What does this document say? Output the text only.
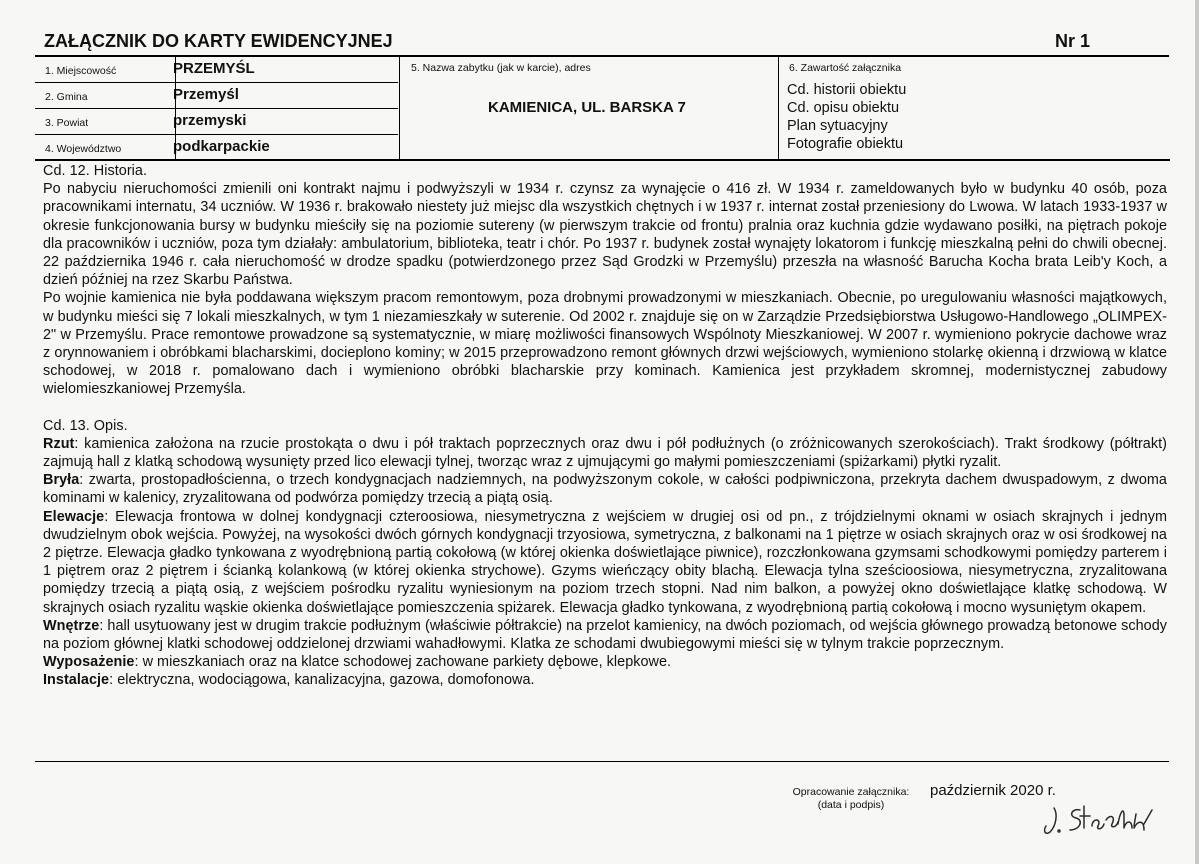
ZAŁĄCZNIK DO KARTY EWIDENCYJNEJ	Nr 1
1. Miejscowość	PRZEMYŚL
2. Gmina	Przemyśl
3. Powiat	przemyski
4. Województwo	podkarpackie
5. Nazwa zabytku (jak w karcie), adres
KAMIENICA, UL. BARSKA 7
6. Zawartość załącznika
Cd. historii obiektu
Cd. opisu obiektu
Plan sytuacyjny
Fotografie obiektu

Cd. 12. Historia.

Po nabyciu nieruchomości zmienili oni kontrakt najmu i podwyższyli w 1934 r. czynsz za wynajęcie o 416 zł. W 1934 r. zameldowanych było w budynku 40 osób, poza pracownikami internatu, 34 uczniów. W 1936 r. brakowało niestety już miejsc dla wszystkich chętnych i w 1937 r. internat został przeniesiony do Lwowa. W latach 1933-1937 w okresie funkcjonowania bursy w budynku mieściły się na poziomie sutereny (w pierwszym trakcie od frontu) pralnia oraz kuchnia gdzie wydawano posiłki, na piętrach pokoje dla pracowników i uczniów, poza tym działały: ambulatorium, biblioteka, teatr i chór. Po 1937 r. budynek został wynajęty lokatorom i funkcję mieszkalną pełni do chwili obecnej. 22 października 1946 r. cała nieruchomość w drodze spadku (potwierdzonego przez Sąd Grodzki w Przemyślu) przeszła na własność Barucha Kocha brata Leib'y Koch, a dzień później na rzez Skarbu Państwa.

Po wojnie kamienica nie była poddawana większym pracom remontowym, poza drobnymi prowadzonymi w mieszkaniach. Obecnie, po uregulowaniu własności majątkowych, w budynku mieści się 7 lokali mieszkalnych, w tym 1 niezamieszkały w suterenie. Od 2002 r. znajduje się on w Zarządzie Przedsiębiorstwa Usługowo-Handlowego „OLIMPEX-2" w Przemyślu. Prace remontowe prowadzone są systematycznie, w miarę możliwości finansowych Wspólnoty Mieszkaniowej. W 2007 r. wymieniono pokrycie dachowe wraz z orynnowaniem i obróbkami blacharskimi, docieplono kominy; w 2015 przeprowadzono remont głównych drzwi wejściowych, wymieniono stolarkę okienną i drzwiową w klatce schodowej, w 2018 r. pomalowano dach i wymieniono obróbki blacharskie przy kominach. Kamienica jest przykładem skromnej, modernistycznej zabudowy wielomieszkaniowej Przemyśla.

Cd. 13. Opis.

Rzut: kamienica założona na rzucie prostokąta o dwu i pół traktach poprzecznych oraz dwu i pół podłużnych (o zróżnicowanych szerokościach). Trakt środkowy (półtrakt) zajmują hall z klatką schodową wysunięty przed lico elewacji tylnej, tworząc wraz z ujmującymi go małymi pomieszczeniami (spiżarkami) płytki ryzalit.

Bryła: zwarta, prostopadłościenna, o trzech kondygnacjach nadziemnych, na podwyższonym cokole, w całości podpiwniczona, przekryta dachem dwuspadowym, z dwoma kominami w kalenicy, zryzalitowana od podwórza pomiędzy trzecią a piątą osią.

Elewacje: Elewacja frontowa w dolnej kondygnacji czteroosiowa, niesymetryczna z wejściem w drugiej osi od pn., z trójdzielnymi oknami w osiach skrajnych i jednym dwudzielnym obok wejścia. Powyżej, na wysokości dwóch górnych kondygnacji trzyosiowa, symetryczna, z balkonami na 1 piętrze w osiach skrajnych oraz w osi środkowej na 2 piętrze. Elewacja gładko tynkowana z wyodrębnioną partią cokołową (w której okienka doświetlające piwnice), rozczłonkowana gzymsami schodkowymi pomiędzy parterem i 1 piętrem oraz 2 piętrem i ścianką kolankową (w której okienka strychowe). Gzyms wieńczący obity blachą. Elewacja tylna sześcioosiowa, niesymetryczna, zryzalitowana pomiędzy trzecią a piątą osią, z wejściem pośrodku ryzalitu wyniesionym na poziom trzech stopni. Nad nim balkon, a powyżej okno doświetlające klatkę schodową. W skrajnych osiach ryzalitu wąskie okienka doświetlające pomieszczenia spiżarek. Elewacja gładko tynkowana, z wyodrębnioną partią cokołową i mocno wysuniętym okapem.

Wnętrze: hall usytuowany jest w drugim trakcie podłużnym (właściwie półtrakcie) na przelot kamienicy, na dwóch poziomach, od wejścia głównego prowadzą betonowe schody na poziom głównej klatki schodowej oddzielonej drzwiami wahadłowymi. Klatka ze schodami dwubiegowymi mieści się w tylnym trakcie poprzecznym.

Wyposażenie: w mieszkaniach oraz na klatce schodowej zachowane parkiety dębowe, klepkowe.

Instalacje: elektryczna, wodociągowa, kanalizacyjna, gazowa, domofonowa.

Opracowanie załącznika:
(data i podpis)
październik 2020 r.
